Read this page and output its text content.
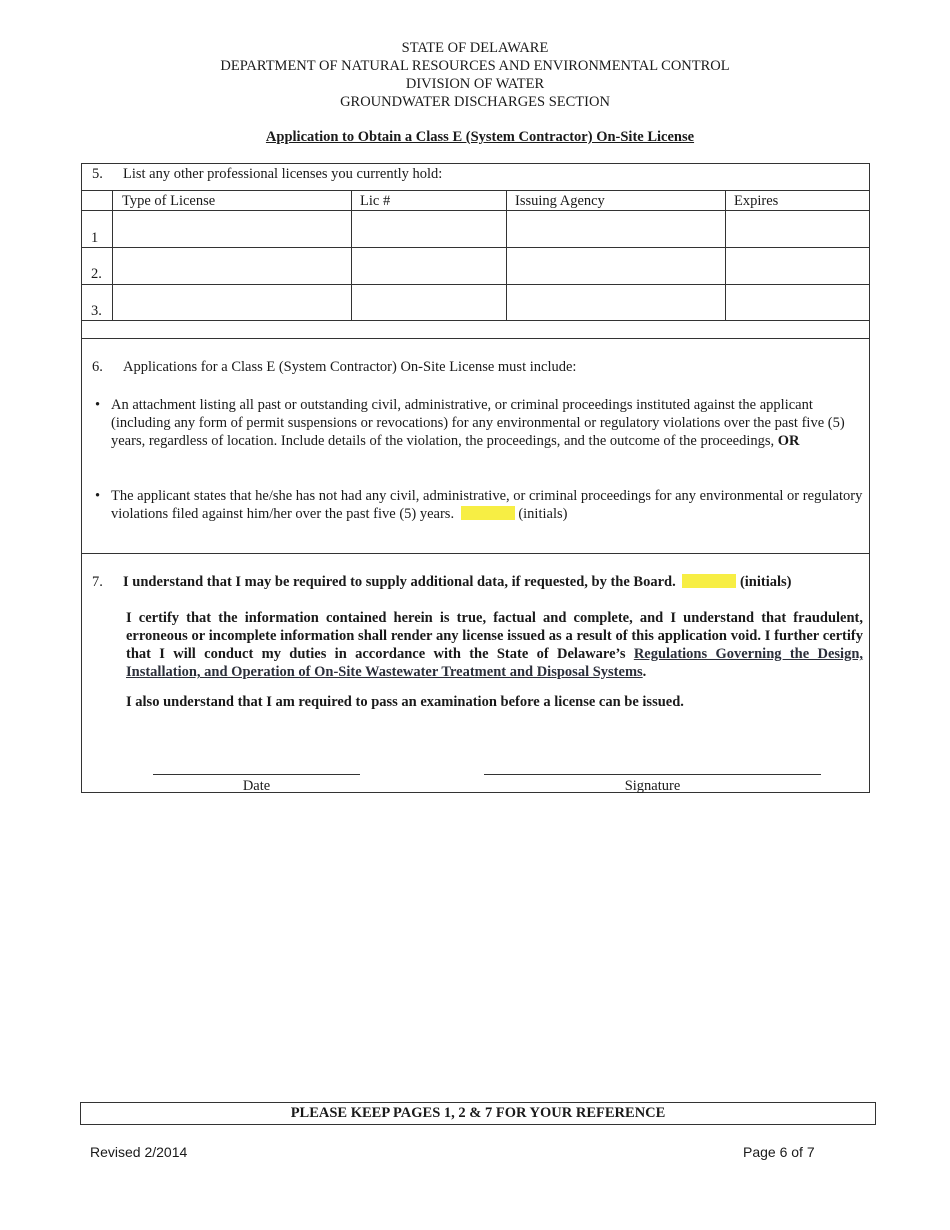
STATE OF DELAWARE
DEPARTMENT OF NATURAL RESOURCES AND ENVIRONMENTAL CONTROL
DIVISION OF WATER
GROUNDWATER DISCHARGES SECTION
Application to Obtain a Class E (System Contractor) On-Site License
5. List any other professional licenses you currently hold:
Type of License	Lic #	Issuing Agency	Expires
1
2.
3.
6. Applications for a Class E (System Contractor) On-Site License must include:
• An attachment listing all past or outstanding civil, administrative, or criminal proceedings instituted against the applicant (including any form of permit suspensions or revocations) for any environmental or regulatory violations over the past five (5) years, regardless of location. Include details of the violation, the proceedings, and the outcome of the proceedings, OR
• The applicant states that he/she has not had any civil, administrative, or criminal proceedings for any environmental or regulatory violations filed against him/her over the past five (5) years.	(initials)
7. I understand that I may be required to supply additional data, if requested, by the Board.	(initials)
I certify that the information contained herein is true, factual and complete, and I understand that fraudulent, erroneous or incomplete information shall render any license issued as a result of this application void. I further certify that I will conduct my duties in accordance with the State of Delaware’s Regulations Governing the Design, Installation, and Operation of On-Site Wastewater Treatment and Disposal Systems.
I also understand that I am required to pass an examination before a license can be issued.
Date	Signature
PLEASE KEEP PAGES 1, 2 & 7 FOR YOUR REFERENCE
Revised 2/2014	Page 6 of 7
